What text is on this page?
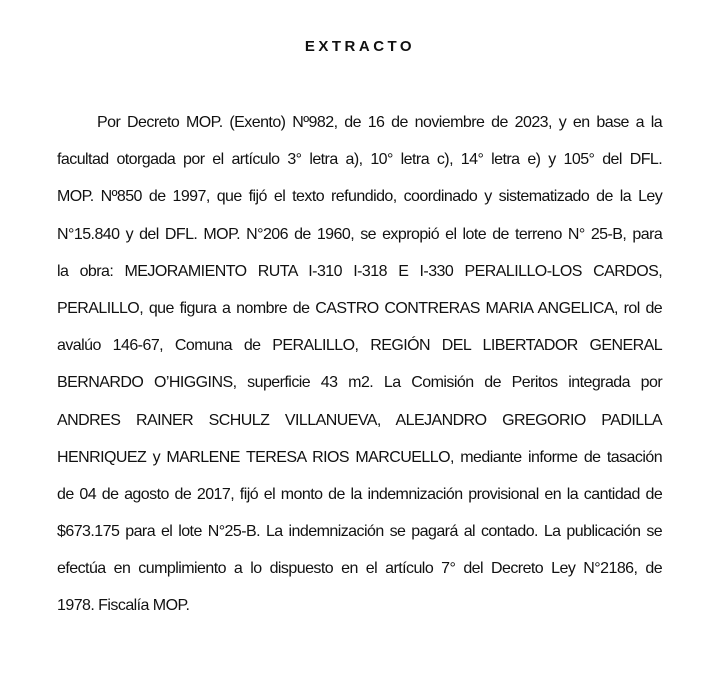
EXTRACTO
Por Decreto MOP. (Exento) Nº982, de 16 de noviembre de 2023, y en base a la
facultad otorgada por el artículo 3° letra a), 10° letra c), 14° letra e) y 105° del DFL.
MOP. Nº850 de 1997, que fijó el texto refundido, coordinado y sistematizado de la Ley
N°15.840 y del DFL. MOP. N°206 de 1960, se expropió el lote de terreno N° 25-B, para
la obra: MEJORAMIENTO RUTA I-310 I-318 E I-330 PERALILLO-LOS CARDOS,
PERALILLO, que figura a nombre de CASTRO CONTRERAS MARIA ANGELICA, rol de
avalúo 146-67, Comuna de PERALILLO, REGIÓN DEL LIBERTADOR GENERAL
BERNARDO O’HIGGINS, superficie 43 m2. La Comisión de Peritos integrada por
ANDRES RAINER SCHULZ VILLANUEVA, ALEJANDRO GREGORIO PADILLA
HENRIQUEZ y MARLENE TERESA RIOS MARCUELLO, mediante informe de tasación
de 04 de agosto de 2017, fijó el monto de la indemnización provisional en la cantidad de
$673.175 para el lote N°25-B. La indemnización se pagará al contado. La publicación se
efectúa en cumplimiento a lo dispuesto en el artículo 7° del Decreto Ley N°2186, de
1978. Fiscalía MOP.
